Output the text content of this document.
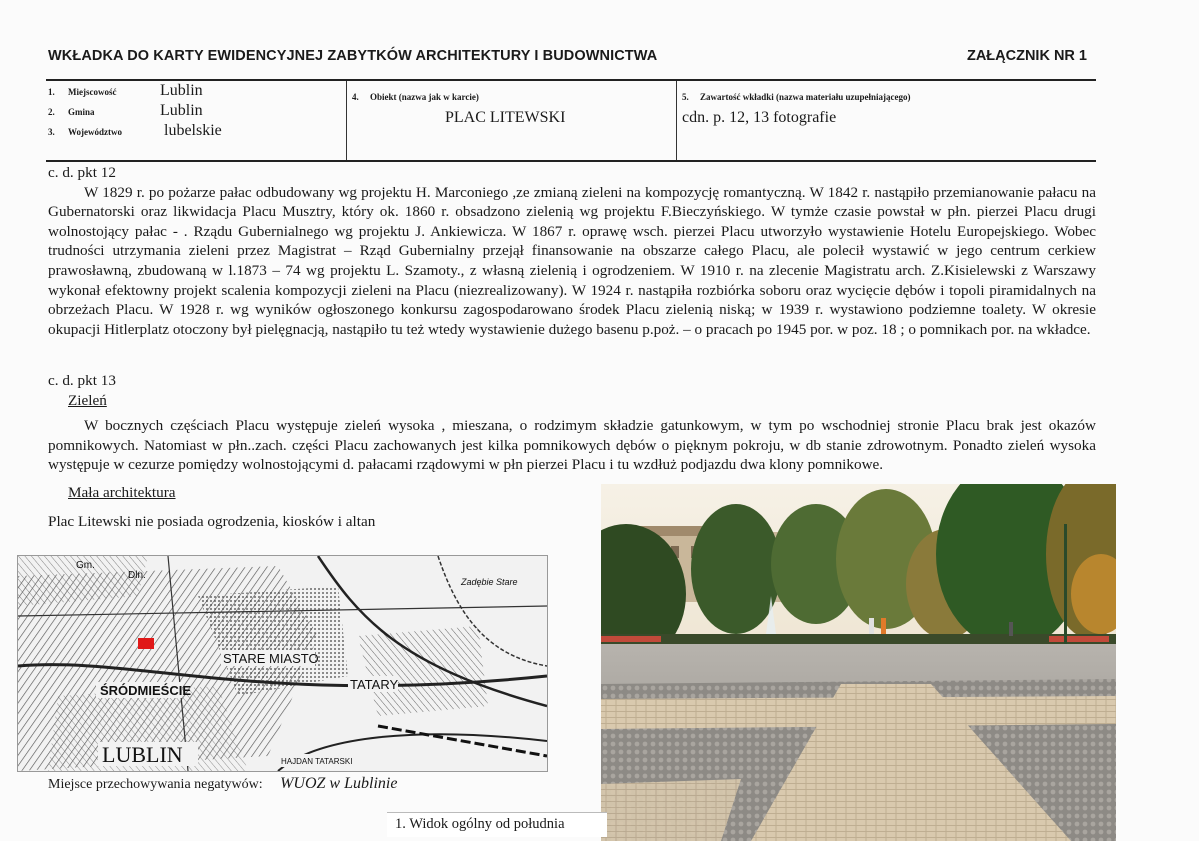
WKŁADKA DO KARTY EWIDENCYJNEJ ZABYTKÓW ARCHITEKTURY I BUDOWNICTWA	ZAŁĄCZNIK NR 1
1.	Miejscowość	Lublin
2.	Gmina	Lublin
3.	Województwo	lubelskie
4. Obiekt (nazwa jak w karcie)
PLAC LITEWSKI
5. Zawartość wkładki (nazwa materiału uzupełniającego)
cdn. p. 12, 13 fotografie

c. d. pkt 12

W 1829 r. po pożarze pałac odbudowany wg projektu H. Marconiego ,ze zmianą zieleni na kompozycję romantyczną. W 1842 r. nastąpiło przemianowanie pałacu na Gubernatorski oraz likwidacja Placu Musztry, który ok. 1860 r. obsadzono zielenią wg projektu F.Bieczyńskiego. W tymże czasie powstał w płn. pierzei Placu drugi wolnostojący pałac - . Rządu Gubernialnego wg projektu J. Ankiewicza. W 1867 r. oprawę wsch. pierzei Placu utworzyło wystawienie Hotelu Europejskiego. Wobec trudności utrzymania zieleni przez Magistrat – Rząd Gubernialny przejął finansowanie na obszarze całego Placu, ale polecił wystawić w jego centrum cerkiew prawosławną, zbudowaną w l.1873 – 74 wg projektu L. Szamoty., z własną zielenią i ogrodzeniem. W 1910 r. na zlecenie Magistratu arch. Z.Kisielewski z Warszawy wykonał efektowny projekt scalenia kompozycji zieleni na Placu (niezrealizowany). W 1924 r. nastąpiła rozbiórka soboru oraz wycięcie dębów i topoli piramidalnych na obrzeżach Placu. W 1928 r. wg wyników ogłoszonego konkursu zagospodarowano środek Placu zielenią niską; w 1939 r. wystawiono podziemne toalety. W okresie okupacji Hitlerplatz otoczony był pielęgnacją, nastąpiło tu też wtedy wystawienie dużego basenu p.poż. – o pracach po 1945 por. w poz. 18 ; o pomnikach por. na wkładce.

c. d. pkt 13

Zieleń

W bocznych częściach Placu występuje zieleń wysoka , mieszana, o rodzimym składzie gatunkowym, w tym po wschodniej stronie Placu brak jest okazów pomnikowych. Natomiast w płn..zach. części Placu zachowanych jest kilka pomnikowych dębów o pięknym pokroju, w db stanie zdrowotnym. Ponadto zieleń wysoka występuje w cezurze pomiędzy wolnostojącymi d. pałacami rządowymi w płn pierzei Placu i tu wzdłuż podjazdu dwa klony pomnikowe.

Mała architektura

Plac Litewski nie posiada ogrodzenia, kiosków i altan

ŚRÓDMIEŚCIE
STARE MIASTO
TATARY
LUBLIN
Zadębie Stare
HAJDAN TATARSKI
Gm.
Dln.
Miejsce przechowywania negatywów: WUOZ w Lublinie
1. Widok ogólny od południa
